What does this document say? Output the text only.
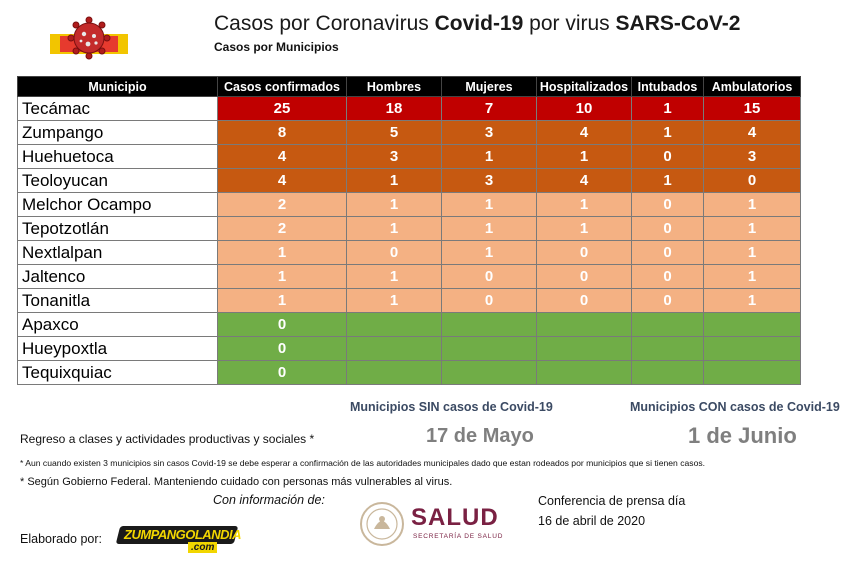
Casos por Coronavirus Covid-19 por virus SARS-CoV-2
Casos por Municipios
Municipio	Casos confirmados	Hombres	Mujeres	Hospitalizados	Intubados	Ambulatorios
Tecámac	25	18	7	10	1	15
Zumpango	8	5	3	4	1	4
Huehuetoca	4	3	1	1	0	3
Teoloyucan	4	1	3	4	1	0
Melchor Ocampo	2	1	1	1	0	1
Tepotzotlán	2	1	1	1	0	1
Nextlalpan	1	0	1	0	0	1
Jaltenco	1	1	0	0	0	1
Tonanitla	1	1	0	0	0	1
Apaxco	0					
Hueypoxtla	0					
Tequixquiac	0					
Municipios SIN casos de Covid-19	Municipios CON casos de Covid-19
Regreso a clases y actividades productivas y sociales *	17 de Mayo	1 de Junio
* Aun cuando existen 3 municipios sin casos Covid-19 se debe esperar a confirmación de las autoridades municipales dado que estan rodeados por municipios que si tienen casos.
* Según Gobierno Federal. Manteniendo cuidado con personas más vulnerables al virus.
Con información de:	Conferencia de prensa día
16 de abril de 2020
Elaborado por: ZUMPANGOLANDIA
.com
SALUD
SECRETARÍA DE SALUD
